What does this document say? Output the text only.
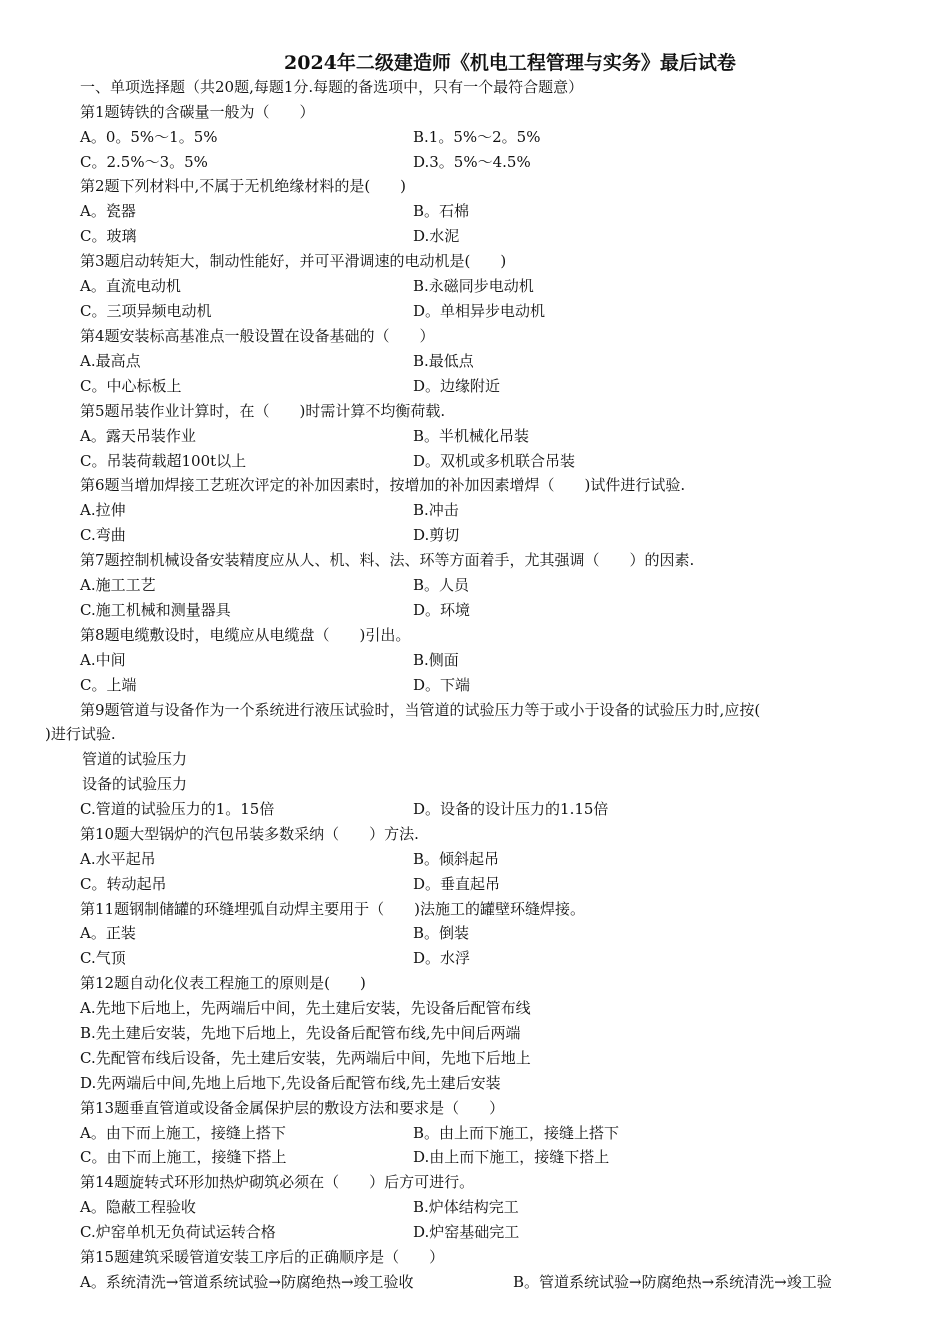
2024年二级建造师《机电工程管理与实务》最后试卷
一、单项选择题（共20题,每题1分.每题的备选项中，只有一个最符合题意）
第1题铸铁的含碳量一般为（　　）
A。0。5%～1。5%	B.1。5%～2。5%
C。2.5%～3。5%	D.3。5%～4.5%
第2题下列材料中,不属于无机绝缘材料的是(　　)
A。瓷器	B。石棉
C。玻璃	D.水泥
第3题启动转矩大，制动性能好，并可平滑调速的电动机是(　　)
A。直流电动机	B.永磁同步电动机
C。三项异频电动机	D。单相异步电动机
第4题安装标高基准点一般设置在设备基础的（　　）
A.最高点	B.最低点
C。中心标板上	D。边缘附近
第5题吊装作业计算时，在（　　)时需计算不均衡荷载.
A。露天吊装作业	B。半机械化吊装
C。吊装荷载超100t以上	D。双机或多机联合吊装
第6题当增加焊接工艺班次评定的补加因素时，按增加的补加因素增焊（　　)试件进行试验.
A.拉伸	B.冲击
C.弯曲	D.剪切
第7题控制机械设备安装精度应从人、机、料、法、环等方面着手，尤其强调（　　）的因素.
A.施工工艺	B。人员
C.施工机械和测量器具	D。环境
第8题电缆敷设时，电缆应从电缆盘（　　)引出。
A.中间	B.侧面
C。上端	D。下端
第9题管道与设备作为一个系统进行液压试验时，当管道的试验压力等于或小于设备的试验压力时,应按(
)进行试验.
管道的试验压力
设备的试验压力
C.管道的试验压力的1。15倍	D。设备的设计压力的1.15倍
第10题大型锅炉的汽包吊装多数采纳（　　）方法.
A.水平起吊	B。倾斜起吊
C。转动起吊	D。垂直起吊
第11题钢制储罐的环缝埋弧自动焊主要用于（　　)法施工的罐壁环缝焊接。
A。正装	B。倒装
C.气顶	D。水浮
第12题自动化仪表工程施工的原则是(　　)
A.先地下后地上，先两端后中间，先土建后安装，先设备后配管布线
B.先土建后安装，先地下后地上，先设备后配管布线,先中间后两端
C.先配管布线后设备，先土建后安装，先两端后中间，先地下后地上
D.先两端后中间,先地上后地下,先设备后配管布线,先土建后安装
第13题垂直管道或设备金属保护层的敷设方法和要求是（　　）
A。由下而上施工，接缝上搭下	B。由上而下施工，接缝上搭下
C。由下而上施工，接缝下搭上	D.由上而下施工，接缝下搭上
第14题旋转式环形加热炉砌筑必须在（　　）后方可进行。
A。隐蔽工程验收	B.炉体结构完工
C.炉窑单机无负荷试运转合格	D.炉窑基础完工
第15题建筑采暖管道安装工序后的正确顺序是（　　）
A。系统清洗→管道系统试验→防腐绝热→竣工验收	B。管道系统试验→防腐绝热→系统清洗→竣工验
